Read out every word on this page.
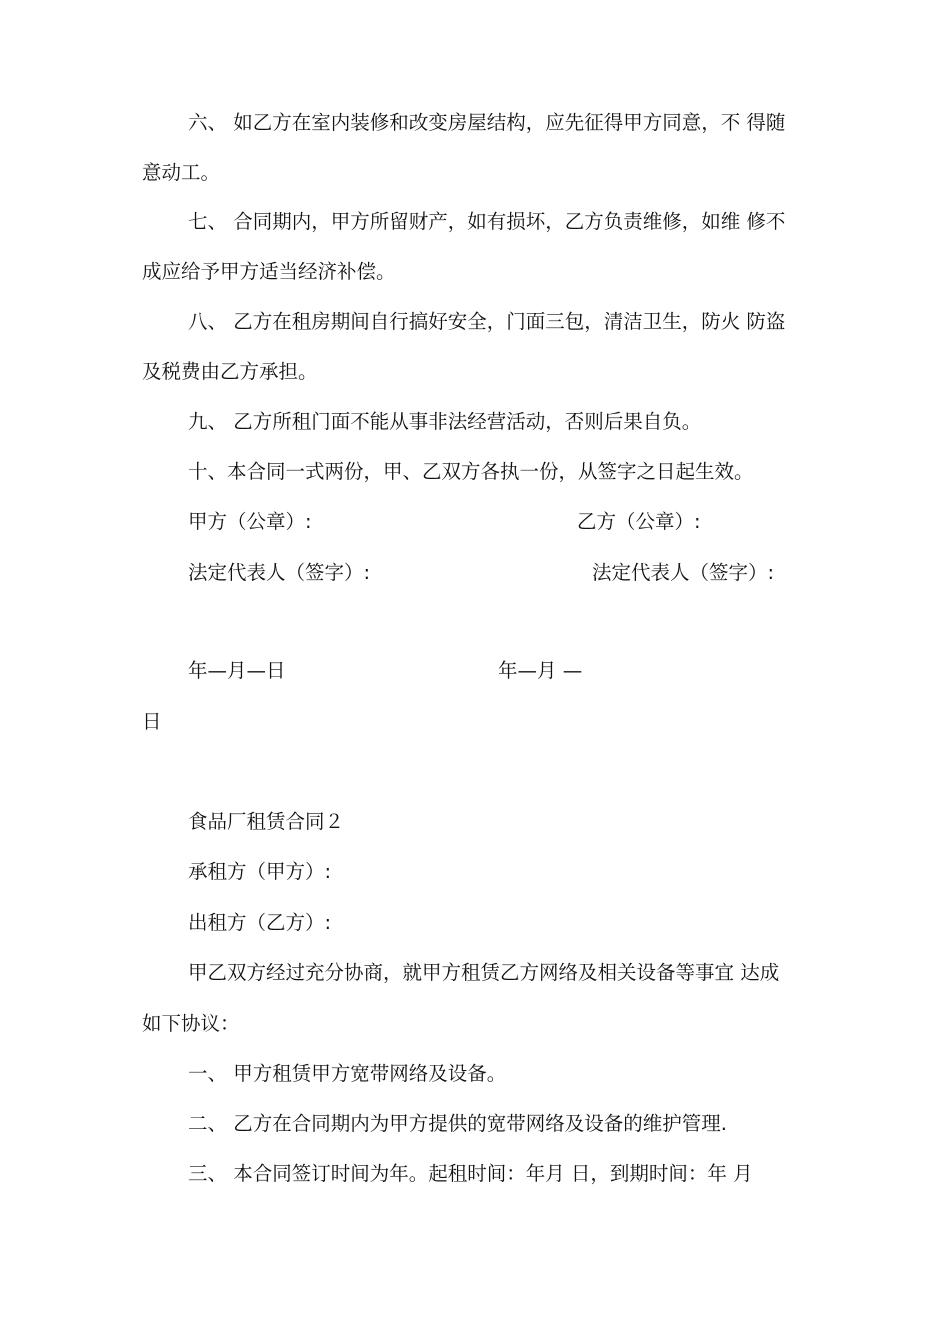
六、 如乙方在室内装修和改变房屋结构，应先征得甲方同意，不 得随
意动工。
七、 合同期内，甲方所留财产，如有损坏，乙方负责维修，如维 修不
成应给予甲方适当经济补偿。
八、 乙方在租房期间自行搞好安全，门面三包，清洁卫生，防火 防盗
及税费由乙方承担。
九、 乙方所租门面不能从事非法经营活动，否则后果自负。
十、本合同一式两份，甲、乙双方各执一份，从签字之日起生效。
甲方（公章）:	乙方（公章）:
法定代表人（签字）:	法定代表人（签字）:
年—月—日	年—月 —
日
食品厂租赁合同２
承租方（甲方）:
出租方（乙方）:
甲乙双方经过充分协商，就甲方租赁乙方网络及相关设备等事宜 达成
如下协议：
一、 甲方租赁甲方宽带网络及设备。
二、 乙方在合同期内为甲方提供的宽带网络及设备的维护管理.
三、 本合同签订时间为年。起租时间：年月 日，到期时间：年 月
